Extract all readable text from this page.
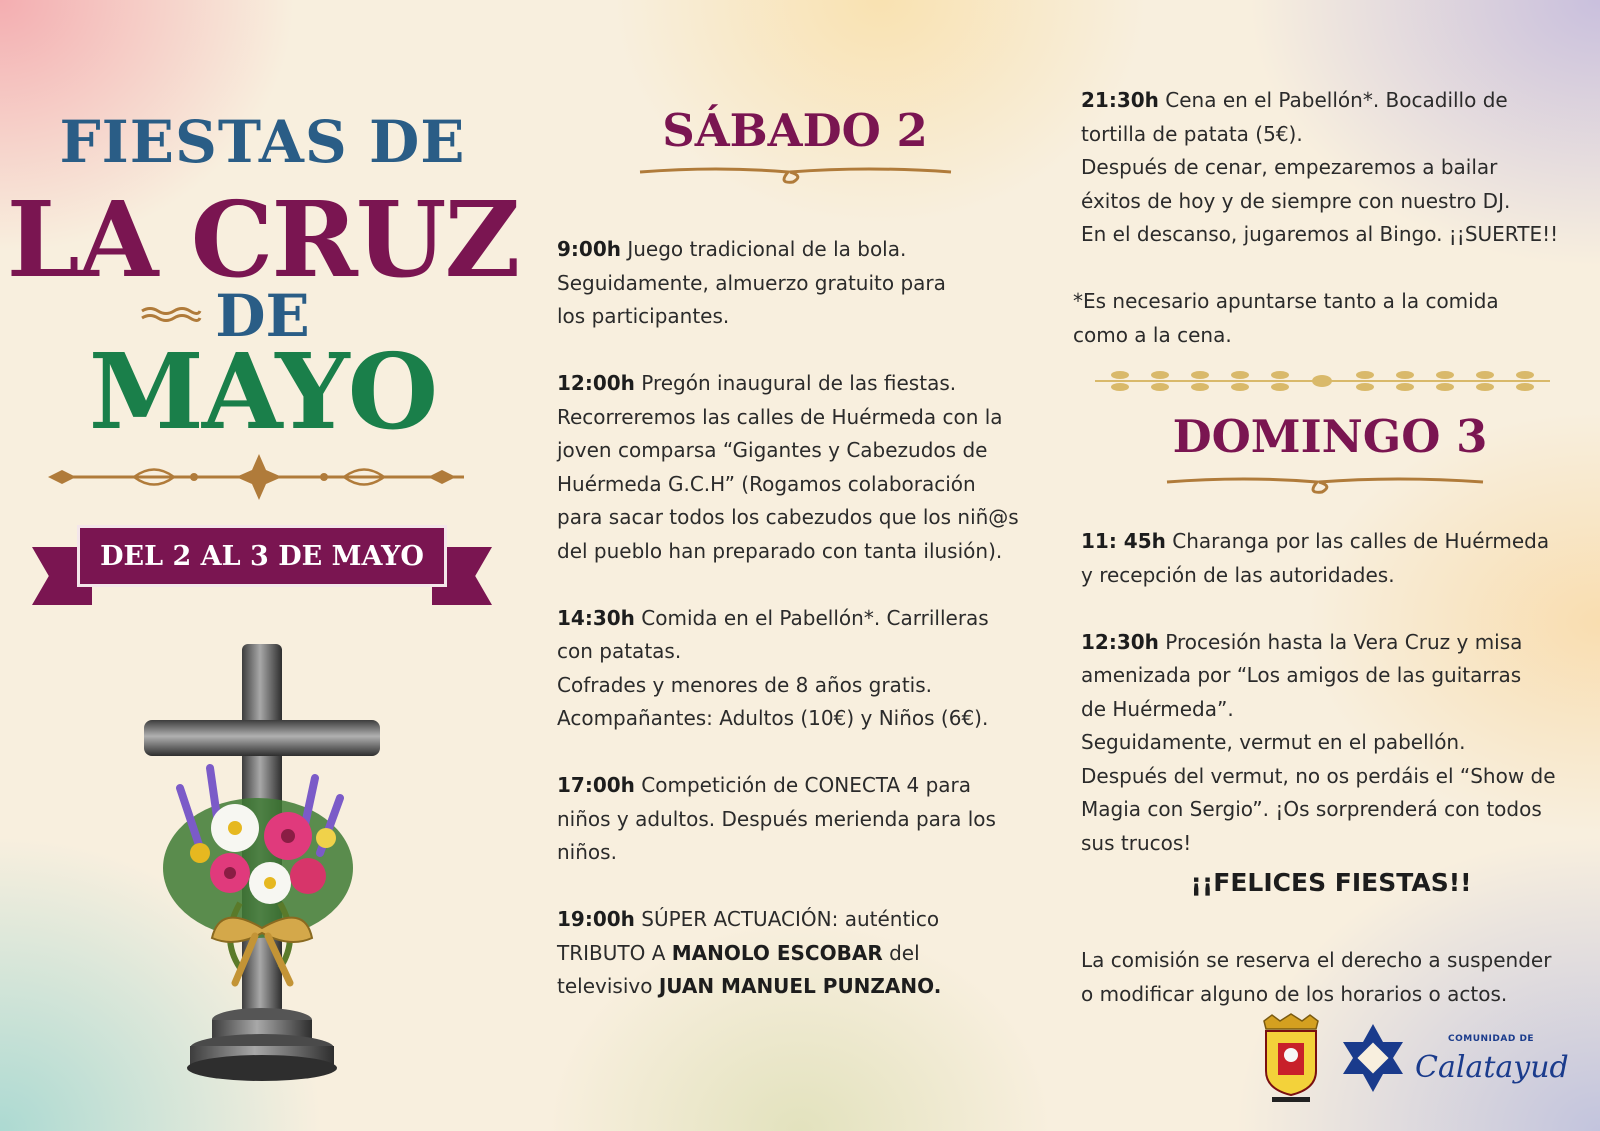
FIESTAS DE
LA CRUZ
DE
MAYO
DEL 2 AL 3 DE MAYO
SÁBADO 2

9:00h Juego tradicional de la bola.
Seguidamente, almuerzo gratuito para
los participantes.

12:00h Pregón inaugural de las fiestas.
Recorreremos las calles de Huérmeda con la
joven comparsa “Gigantes y Cabezudos de
Huérmeda G.C.H” (Rogamos colaboración
para sacar todos los cabezudos que los niñ@s
del pueblo han preparado con tanta ilusión).

14:30h Comida en el Pabellón*. Carrilleras
con patatas.
Cofrades y menores de 8 años gratis.
Acompañantes: Adultos (10€) y Niños (6€).

17:00h Competición de CONECTA 4 para
niños y adultos. Después merienda para los
niños.

19:00h SÚPER ACTUACIÓN: auténtico
TRIBUTO A MANOLO ESCOBAR del
televisivo JUAN MANUEL PUNZANO.

21:30h Cena en el Pabellón*. Bocadillo de
tortilla de patata (5€).
Después de cenar, empezaremos a bailar
éxitos de hoy y de siempre con nuestro DJ.
En el descanso, jugaremos al Bingo. ¡¡SUERTE!!

*Es necesario apuntarse tanto a la comida
como a la cena.

DOMINGO 3

11: 45h Charanga por las calles de Huérmeda
y recepción de las autoridades.

12:30h Procesión hasta la Vera Cruz y misa
amenizada por “Los amigos de las guitarras
de Huérmeda”.
Seguidamente, vermut en el pabellón.
Después del vermut, no os perdáis el “Show de
Magia con Sergio”. ¡Os sorprenderá con todos
sus trucos!

¡¡FELICES FIESTAS!!

La comisión se reserva el derecho a suspender
o modificar alguno de los horarios o actos.

COMUNIDAD DE
Calatayud
